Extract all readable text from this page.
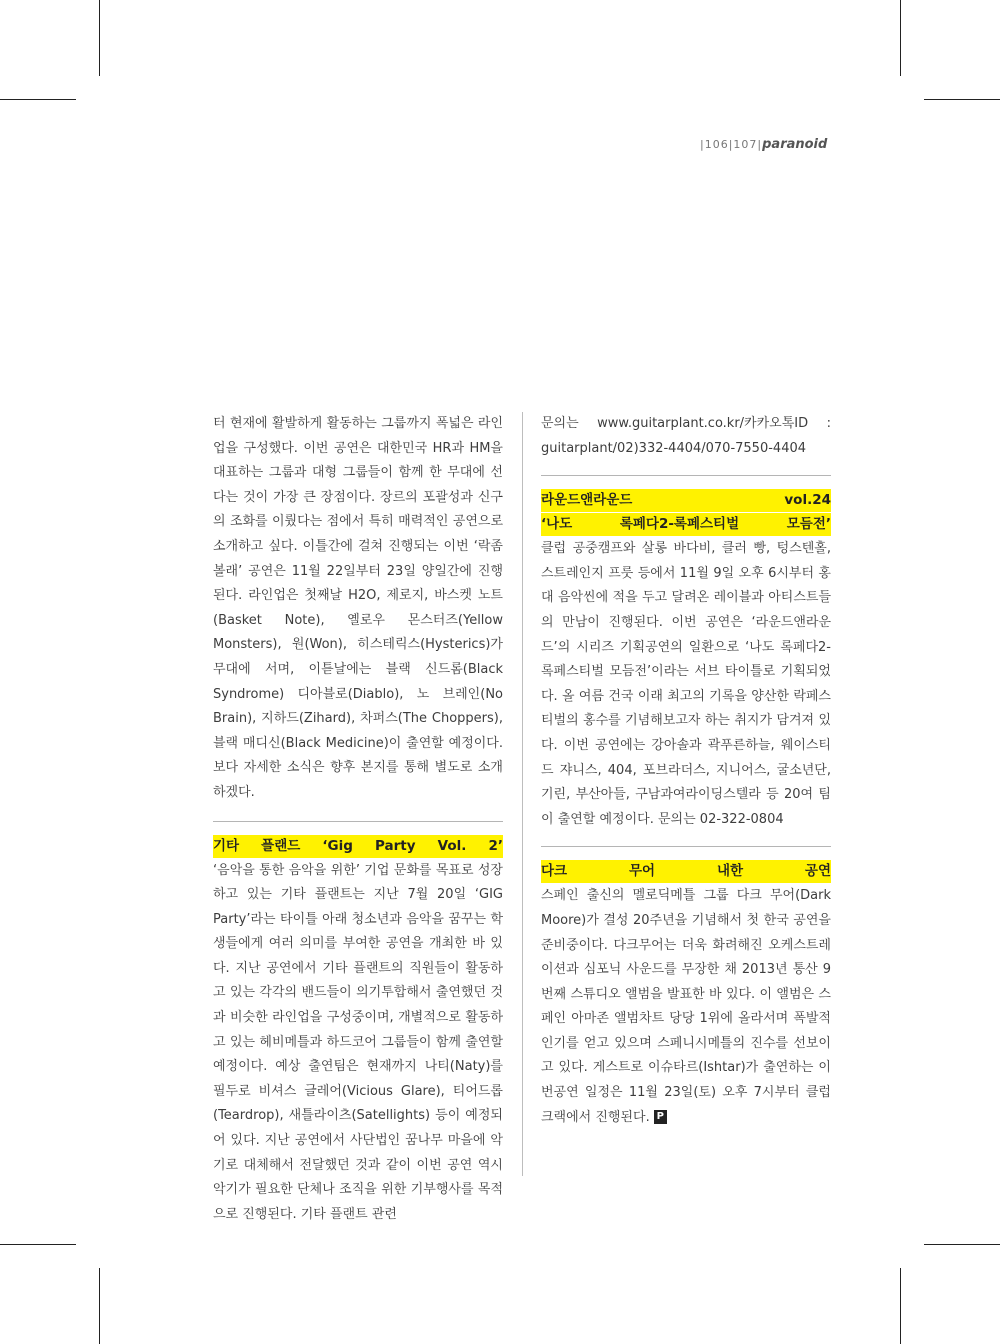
|106|107|paranoid

터 현재에 활발하게 활동하는 그룹까지 폭넓은 라인업을 구성했다. 이번 공연은 대한민국 HR과 HM을 대표하는 그룹과 대형 그룹들이 함께 한 무대에 선다는 것이 가장 큰 장점이다. 장르의 포괄성과 신구의 조화를 이뤘다는 점에서 특히 매력적인 공연으로 소개하고 싶다. 이틀간에 걸쳐 진행되는 이번 ‘락좀볼래’ 공연은 11월 22일부터 23일 양일간에 진행된다. 라인업은 첫째날 H2O, 제로지, 바스켓 노트(Basket Note), 옐로우 몬스터즈(Yellow Monsters), 원(Won), 히스테릭스(Hysterics)가 무대에 서며, 이튿날에는 블랙 신드롬(Black Syndrome) 디아블로(Diablo), 노 브레인(No Brain), 지하드(Zihard), 차퍼스(The Choppers), 블랙 매디신(Black Medicine)이 출연할 예정이다. 보다 자세한 소식은 향후 본지를 통해 별도로 소개하겠다.

기타 플랜드 ‘Gig Party Vol. 2’

‘음악을 통한 음악을 위한’ 기업 문화를 목표로 성장하고 있는 기타 플랜트는 지난 7월 20일 ‘GIG Party’라는 타이틀 아래 청소년과 음악을 꿈꾸는 학생들에게 여러 의미를 부여한 공연을 개최한 바 있다. 지난 공연에서 기타 플랜트의 직원들이 활동하고 있는 각각의 밴드들이 의기투합해서 출연했던 것과 비슷한 라인업을 구성중이며, 개별적으로 활동하고 있는 헤비메틀과 하드코어 그룹들이 함께 출연할 예정이다. 예상 출연팀은 현재까지 나티(Naty)를 필두로 비셔스 글레어(Vicious Glare), 티어드롭(Teardrop), 새틀라이츠(Satellights) 등이 예정되어 있다. 지난 공연에서 사단법인 꿈나무 마을에 악기로 대체해서 전달했던 것과 같이 이번 공연 역시 악기가 필요한 단체나 조직을 위한 기부행사를 목적으로 진행된다. 기타 플랜트 관련

문의는 www.guitarplant.co.kr/카카오톡ID : guitarplant/02)332-4404/070-7550-4404

라운드앤라운드 vol.24
‘나도 록페다2-록페스티벌 모듬전’

클럽 공중캠프와 살롱 바다비, 클러 빵, 텅스텐홀, 스트레인지 프룻 등에서 11월 9일 오후 6시부터 홍대 음악씬에 적을 두고 달려온 레이블과 아티스트들의 만남이 진행된다. 이번 공연은 ‘라운드앤라운드’의 시리즈 기획공연의 일환으로 ‘나도 록페다2-록페스티벌 모듬전’이라는 서브 타이틀로 기획되었다. 올 여름 건국 이래 최고의 기록을 양산한 락페스티벌의 홍수를 기념해보고자 하는 취지가 담겨져 있다. 이번 공연에는 강아솔과 곽푸른하늘, 웨이스티드 쟈니스, 404, 포브라더스, 지니어스, 굴소년단, 기린, 부산아들, 구남과여라이딩스텔라 등 20여 팀이 출연할 예정이다. 문의는 02-322-0804

다크 무어 내한 공연

스페인 출신의 멜로딕메틀 그룹 다크 무어(Dark Moore)가 결성 20주년을 기념해서 첫 한국 공연을 준비중이다. 다크무어는 더욱 화려해진 오케스트레이션과 심포닉 사운드를 무장한 채 2013년 통산 9번째 스튜디오 앨범을 발표한 바 있다. 이 앨범은 스페인 아마존 앨범차트 당당 1위에 올라서며 폭발적 인기를 얻고 있으며 스페니시메틀의 진수를 선보이고 있다. 게스트로 이슈타르(Ishtar)가 출연하는 이번공연 일정은 11월 23일(토) 오후 7시부터 클럽 크랙에서 진행된다. P
